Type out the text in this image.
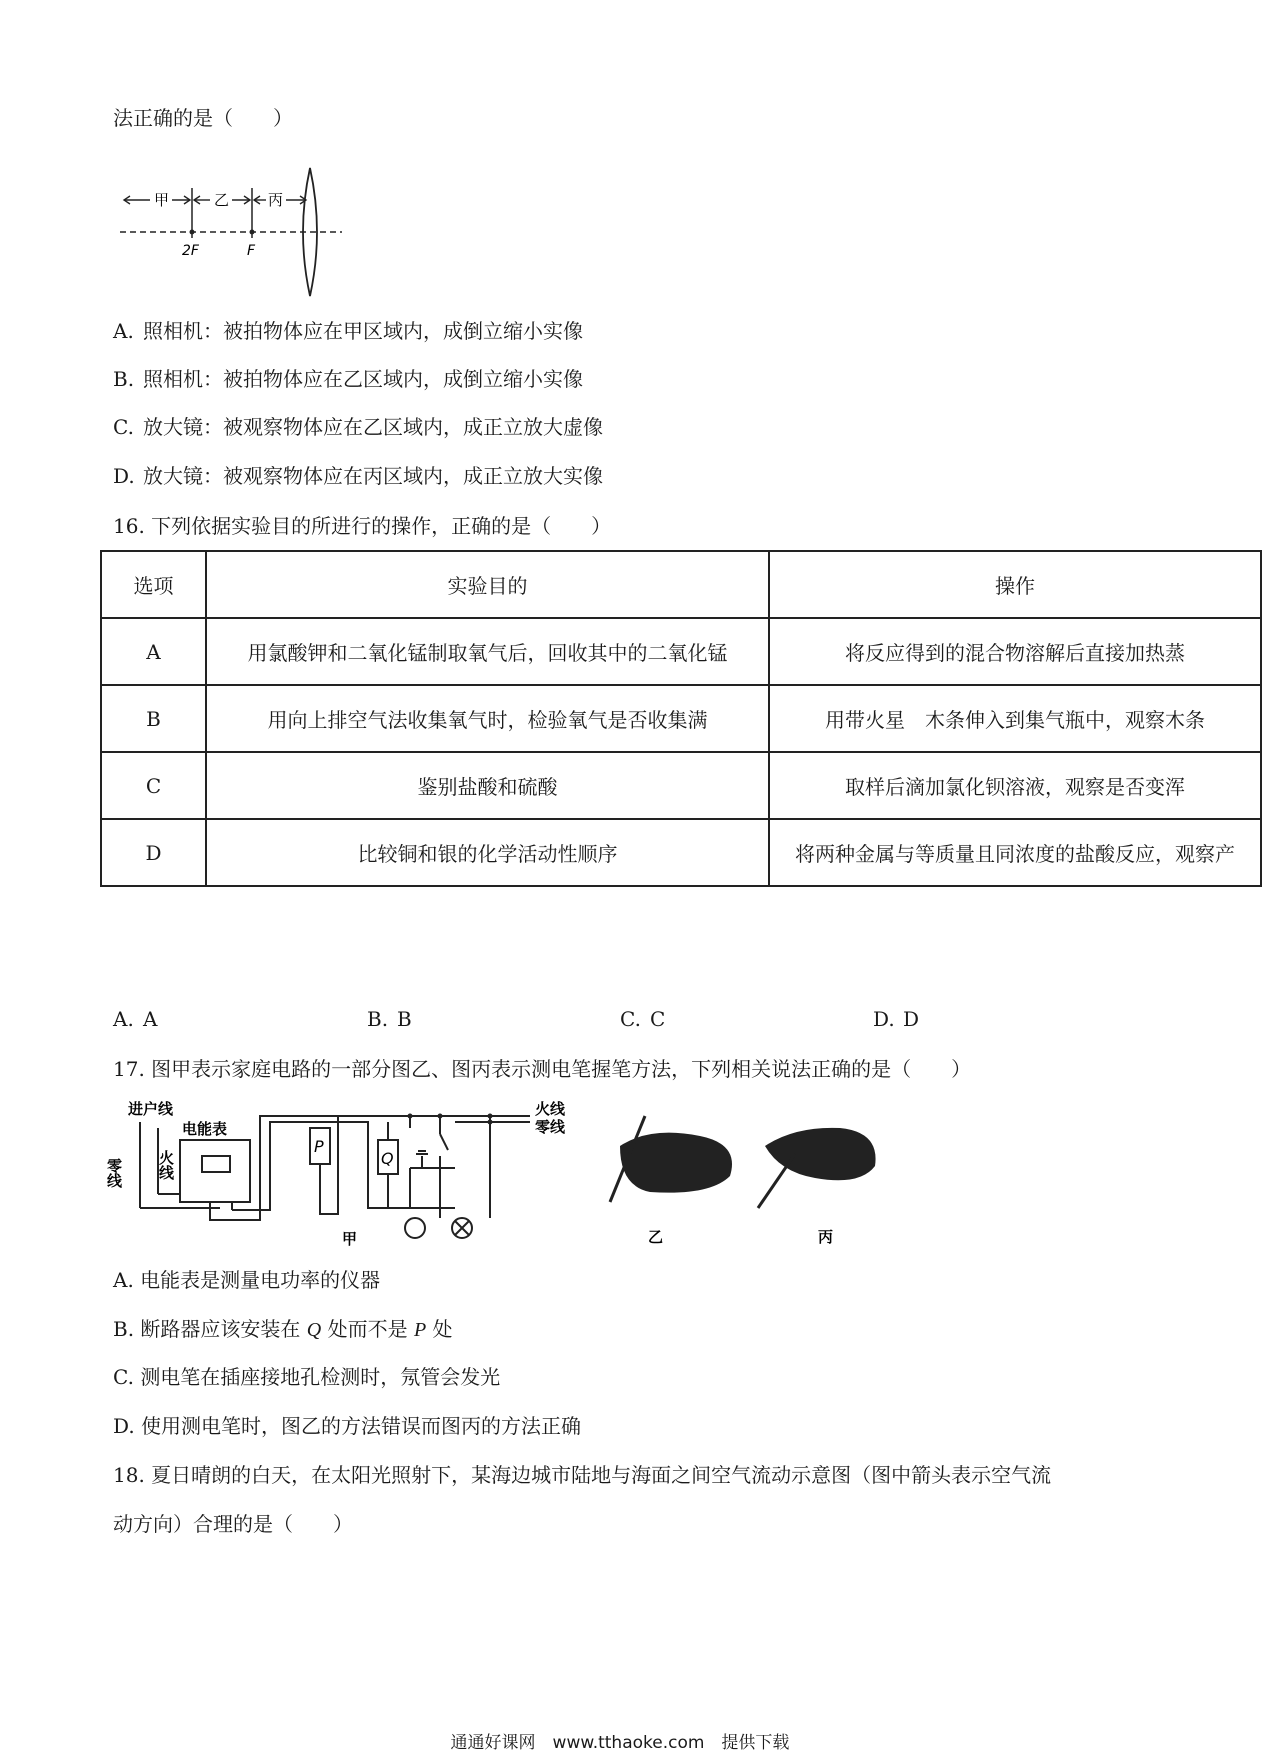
法正确的是（　　）
甲	乙	丙
2F	F
A. 照相机：被拍物体应在甲区域内，成倒立缩小实像
B. 照相机：被拍物体应在乙区域内，成倒立缩小实像
C. 放大镜：被观察物体应在乙区域内，成正立放大虚像
D. 放大镜：被观察物体应在丙区域内，成正立放大实像
16. 下列依据实验目的所进行的操作，正确的是（　　）
选项	实验目的	操作
A	用氯酸钾和二氧化锰制取氧气后，回收其中的二氧化锰	将反应得到的混合物溶解后直接加热蒸
B	用向上排空气法收集氧气时，检验氧气是否收集满	用带火星　木条伸入到集气瓶中，观察木条
C	鉴别盐酸和硫酸	取样后滴加氯化钡溶液，观察是否变浑
D	比较铜和银的化学活动性顺序	将两种金属与等质量且同浓度的盐酸反应，观察产
A. A	B. B	C. C	D. D
17. 图甲表示家庭电路的一部分图乙、图丙表示测电笔握笔方法，下列相关说法正确的是（　　）
进户线
电能表
零线 火线
P
Q
火线
零线
甲	乙	丙
A. 电能表是测量电功率的仪器
B. 断路器应该安装在 Q 处而不是 P 处
C. 测电笔在插座接地孔检测时，氖管会发光
D. 使用测电笔时，图乙的方法错误而图丙的方法正确
18. 夏日晴朗的白天，在太阳光照射下，某海边城市陆地与海面之间空气流动示意图（图中箭头表示空气流
动方向）合理的是（　　）
通通好课网　www.tthaoke.com　提供下载
